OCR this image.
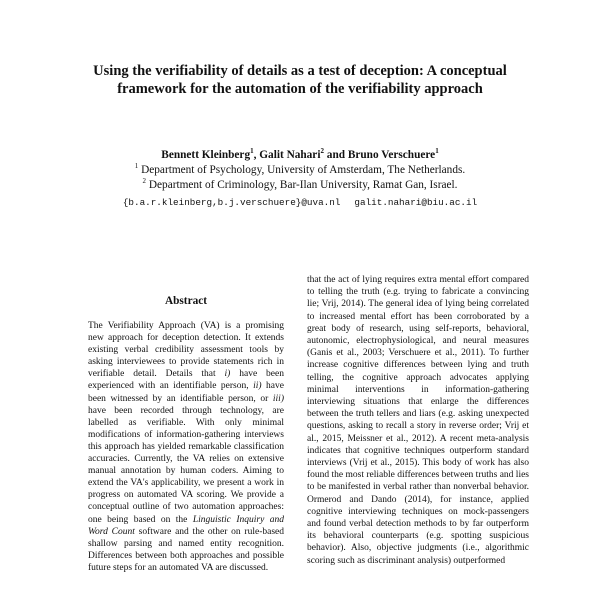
Using the verifiability of details as a test of deception: A conceptual framework for the automation of the verifiability approach
Bennett Kleinberg$^1$, Galit Nahari$^2$ and Bruno Verschuere$^1$
$^1$ Department of Psychology, University of Amsterdam, The Netherlands.
$^2$ Department of Criminology, Bar-Ilan University, Ramat Gan, Israel.
{b.a.r.kleinberg,b.j.verschuere}@uva.nl galit.nahari@biu.ac.il
Abstract
The Verifiability Approach (VA) is a promising new approach for deception detection. It extends existing verbal credibility assessment tools by asking interviewees to provide statements rich in verifiable detail. Details that i) have been experienced with an identifiable person, ii) have been witnessed by an identifiable person, or iii) have been recorded through technology, are labelled as verifiable. With only minimal modifications of information-gathering interviews this approach has yielded remarkable classification accuracies. Currently, the VA relies on extensive manual annotation by human coders. Aiming to extend the VA's applicability, we present a work in progress on automated VA scoring. We provide a conceptual outline of two automation approaches: one being based on the Linguistic Inquiry and Word Count software and the other on rule-based shallow parsing and named entity recognition. Differences between both approaches and possible future steps for an automated VA are discussed.

that the act of lying requires extra mental effort compared to telling the truth (e.g. trying to fabricate a convincing lie; Vrij, 2014). The general idea of lying being correlated to increased mental effort has been corroborated by a great body of research, using self-reports, behavioral, autonomic, electrophysiological, and neural measures (Ganis et al., 2003; Verschuere et al., 2011). To further increase cognitive differences between lying and truth telling, the cognitive approach advocates applying minimal interventions in information-gathering interviewing situations that enlarge the differences between the truth tellers and liars (e.g. asking unexpected questions, asking to recall a story in reverse order; Vrij et al., 2015, Meissner et al., 2012). A recent meta-analysis indicates that cognitive techniques outperform standard interviews (Vrij et al., 2015). This body of work has also found the most reliable differences between truths and lies to be manifested in verbal rather than nonverbal behavior. Ormerod and Dando (2014), for instance, applied cognitive interviewing techniques on mock-passengers and found verbal detection methods to by far outperform its behavioral counterparts (e.g. spotting suspicious behavior). Also, objective judgments (i.e., algorithmic scoring such as discriminant analysis) outperformed
